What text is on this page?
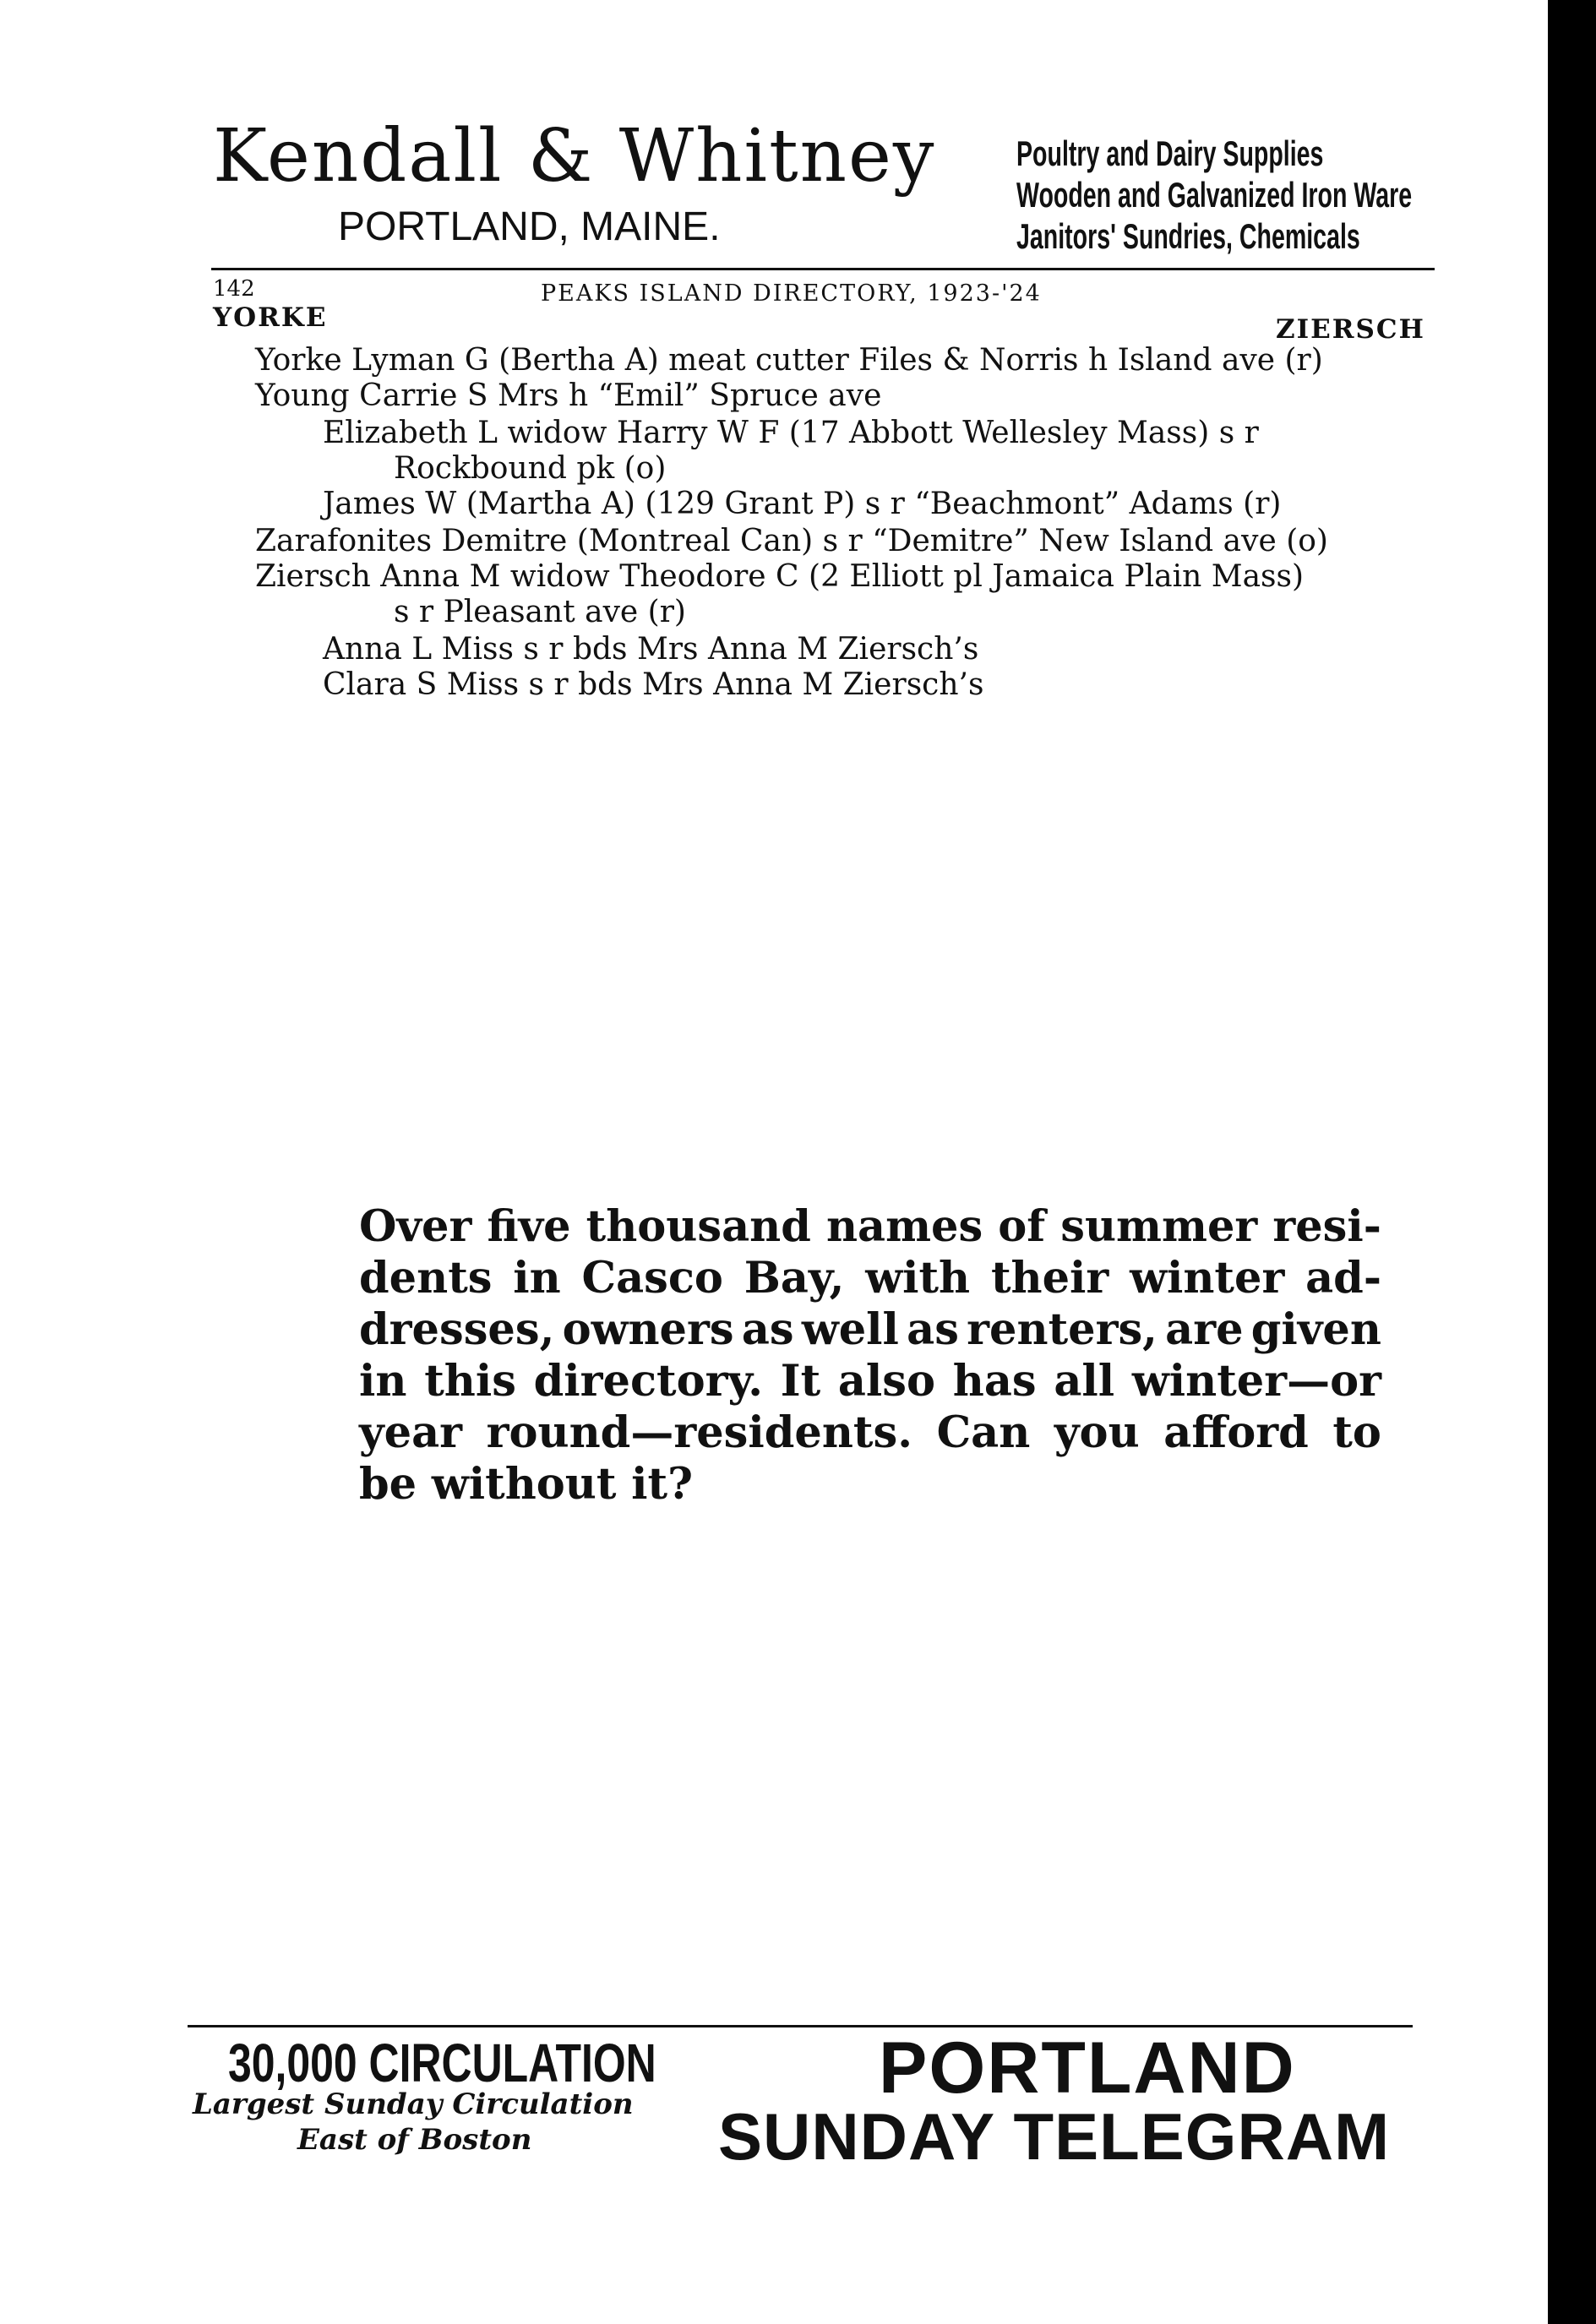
Kendall & Whitney
PORTLAND, MAINE.
Poultry and Dairy Supplies
Wooden and Galvanized Iron Ware
Janitors' Sundries, Chemicals
142	PEAKS ISLAND DIRECTORY, 1923-'24
YORKE	ZIERSCH
Yorke Lyman G (Bertha A) meat cutter Files & Norris h Island ave (r)
Young Carrie S Mrs h “Emil” Spruce ave
Elizabeth L widow Harry W F (17 Abbott Wellesley Mass) s r
Rockbound pk (o)
James W (Martha A) (129 Grant P) s r “Beachmont” Adams (r)
Zarafonites Demitre (Montreal Can) s r “Demitre” New Island ave (o)
Ziersch Anna M widow Theodore C (2 Elliott pl Jamaica Plain Mass)
s r Pleasant ave (r)
Anna L Miss s r bds Mrs Anna M Ziersch’s
Clara S Miss s r bds Mrs Anna M Ziersch’s
Over five thousand names of summer resi-
dents in Casco Bay, with their winter ad-
dresses, owners as well as renters, are given
in this directory. It also has all winter—or
year round—residents. Can you afford to
be without it?
30,000 CIRCULATION
Largest Sunday Circulation
East of Boston
PORTLAND
SUNDAY TELEGRAM
